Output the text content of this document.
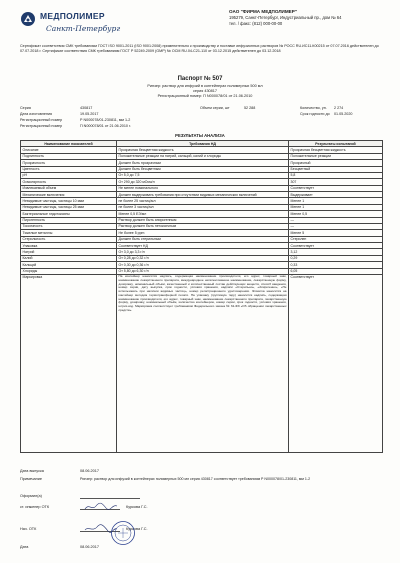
МЕДПОЛИМЕР
Санкт-Петербург
ОАО "ФИРМА МЕДПОЛИМЕР"
195279, Санкт-Петербург, Индустриальный пр., дом № 64
тел. / факс: (812) 000-00-00
Сертификат соответствия СМК требованиям ГОСТ ISO 9001-2011 (ISO 9001:2008) применительно к производству и поставке инфузионных растворов № РОСС RU.ИС11.К00215 от 07.07.2016 действителен до 07.07.2018 г. Сертификат соответствия СМК требованиям ГОСТ Р 52249-2009 (GMP) № ОСМ RU.04-С21-110 от 03.12.2015 действителен до 03.12.2018
Паспорт № 507
Ринзер: раствор для инфузий в контейнерах полимерных 500 мл
серия 430817
Регистрационный номер: П N000078/01 от 21.06.2010
Серия	430817
Дата изготовления	19.05.2017
Регистрационный номер	Р N000078/01-230811, мм 1-2
Регистрационный номер	П N000078/01 от 21.06.2010 г.
Объем серии, шт	52 288	Количество, уп. 2 274
Срок годности до 01.05.2020
РЕЗУЛЬТАТЫ АНАЛИЗА
Наименование показателей	Требования НД	Результаты испытаний
Описание	Прозрачная бесцветная жидкость	Прозрачная бесцветная жидкость
Подлинность	Положительные реакции на натрий, кальций, калий и хлориды	Положительные реакции
Прозрачность	Должен быть прозрачным	Прозрачный
Цветность	Должен быть бесцветным	Бесцветный
pH	От 5,0 до 7,5	5,8
Осмолярность	От 290 до 320 мОсм/л	307
Извлекаемый объем	Не менее номинального	Соответствует
Механические включения	Должен выдерживать требования при отсутствии видимых механических включений	Выдерживает
Невидимые частицы, частицы 10 мкм	не более 25 частиц/мл	Менее 1
Невидимые частицы, частицы 25 мкм	не более 3 частиц/мл	Менее 1
Бактериальные эндотоксины	Менее 0,5 ЕЭ/мл	Менее 0,5
Пирогенность	Раствор должен быть апирогенным	—
Токсичность	Раствор должен быть нетоксичным	—
Тяжелые металлы	Не более 5 ppm	Менее 5
Стерильность	Должен быть стерильным	Стерилен
Упаковка	Соответствует НД	Соответствует
Натрий	От 3,0 до 3,3 г/л	3,12
Калий	От 0,28 до 0,32 г/л	0,29
Кальций	От 0,30 до 0,36 г/л	0,33
Хлориды	От 5,80 до 6,30 г/л	6,05
Маркировка	На контейнер наносится надпись, содержащая наименование производителя, его адрес, товарный знак, наименование лекарственного препарата, международное непатентованное наименование, лекарственную форму, дозировку, номинальный объём, качественный и количественный состав действующих веществ, способ введения, номер серии, дату выпуска, срок годности, условия хранения, надписи «Стерильно», «Апирогенно», «Не использовать при наличии видимых частиц», номер регистрационного удостоверения. Этикетка наносится на контейнер методом термотрансферной печати. На упаковку (групповую тару) наносится надпись, содержащая наименование производителя, его адрес, товарный знак, наименование лекарственного препарата, лекарственную форму, дозировку, номинальный объём, количество контейнеров, номер серии, срок годности, условия хранения, штрих-код. Маркировка соответствует требованиям Федерального закона № 61-ФЗ «Об обращении лекарственных средств».	Соответствует
Дата выпуска	08.06.2017
Примечание	Ринзер: раствор для инфузий в контейнерах полимерных 500 мл серия 430817 соответствует требованиям Р N000078/01-230811, мм 1-2
Оформил(а)
ст. инженер ОТК	Куркова Г.С.
Нач. ОТК	Куркова Г.С.
Дата	08.06.2017
